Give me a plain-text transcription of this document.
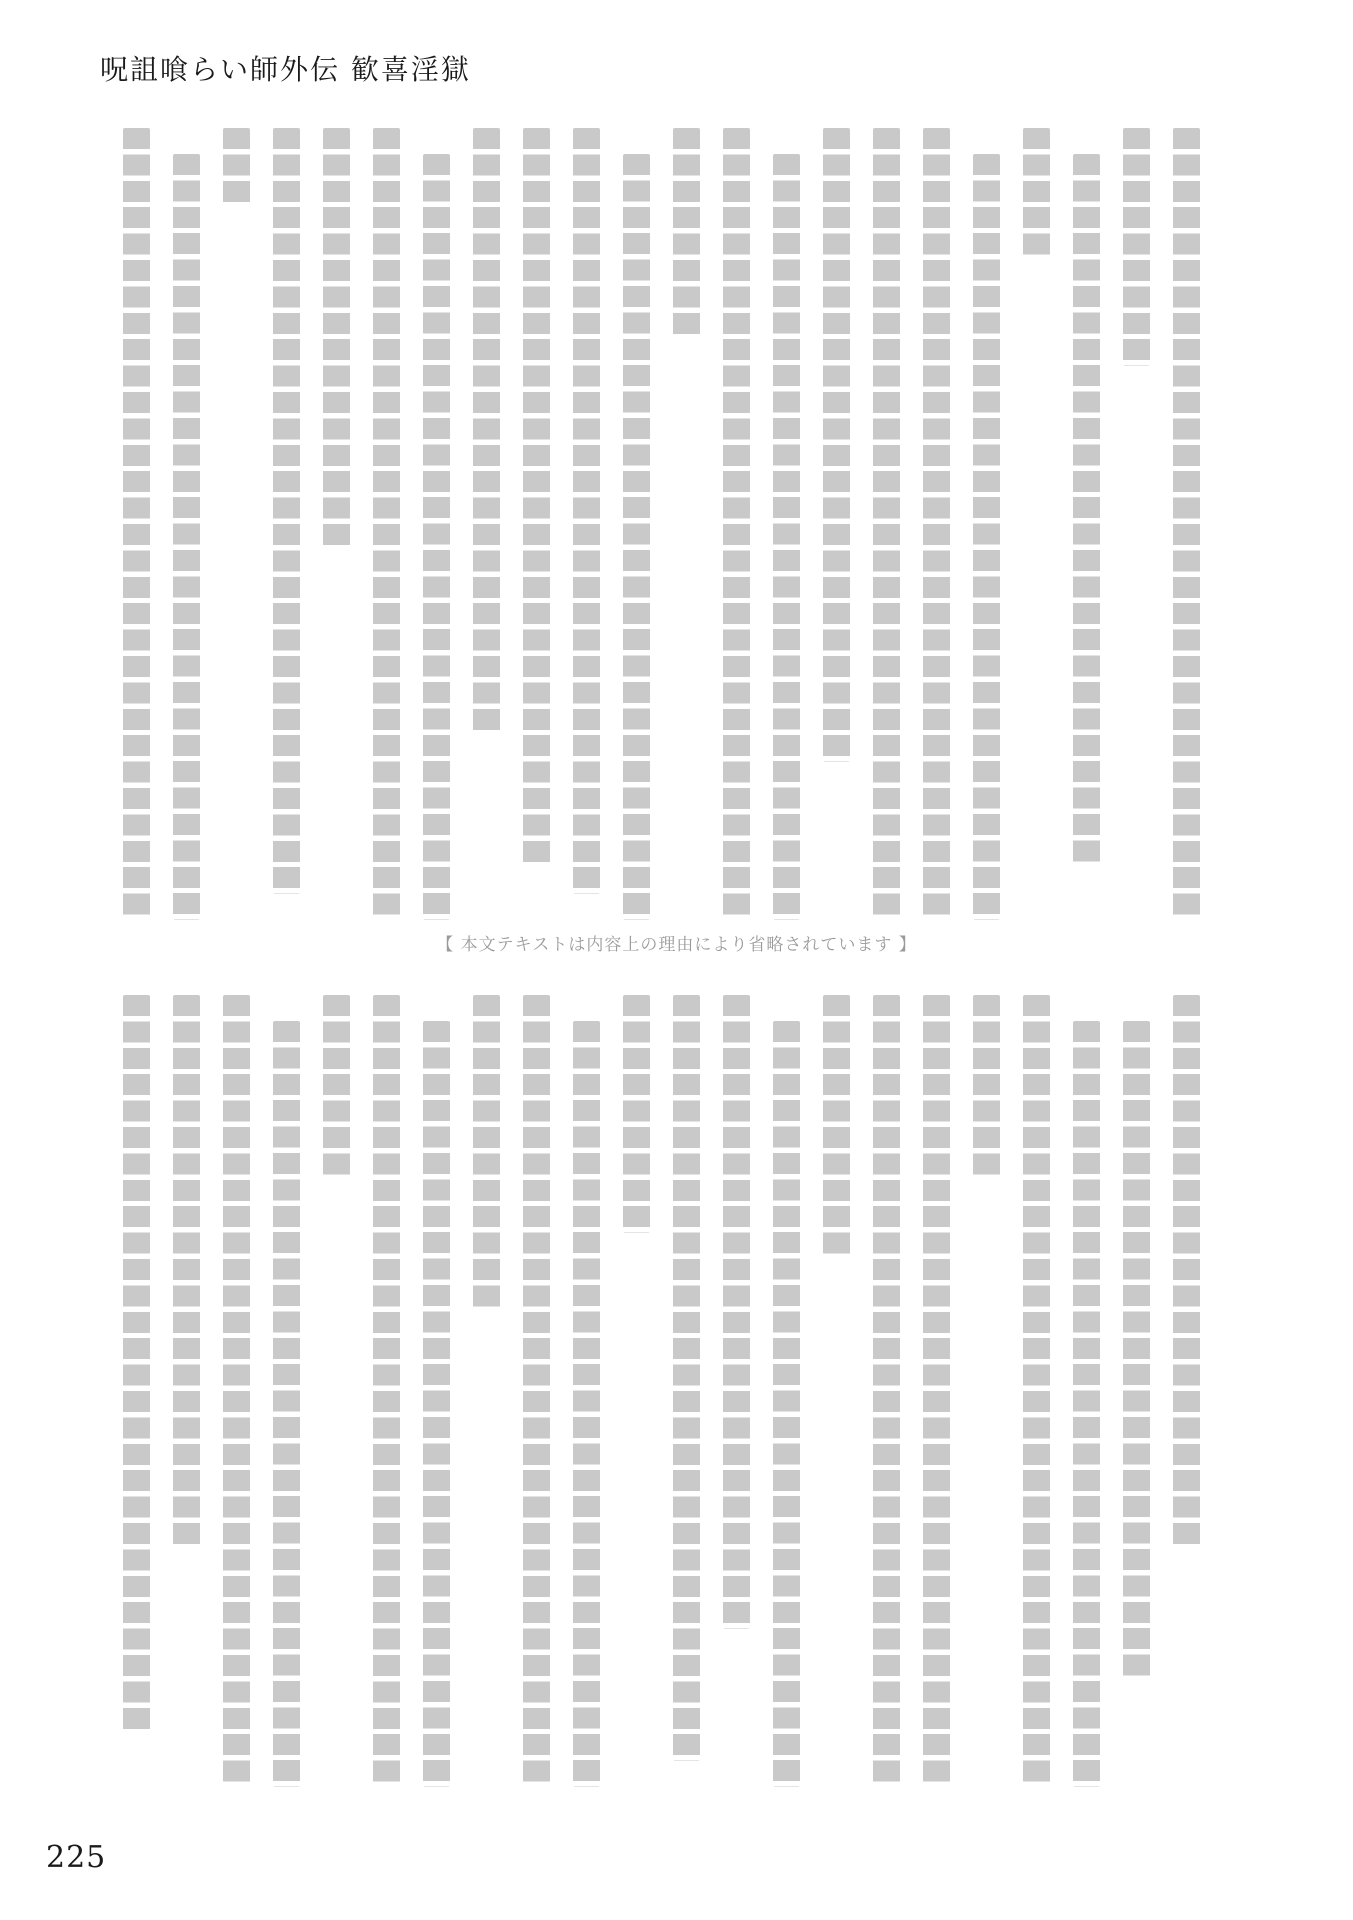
呪詛喰らい師外伝 歓喜淫獄
【 本文テキストは内容上の理由により省略されています 】
225
